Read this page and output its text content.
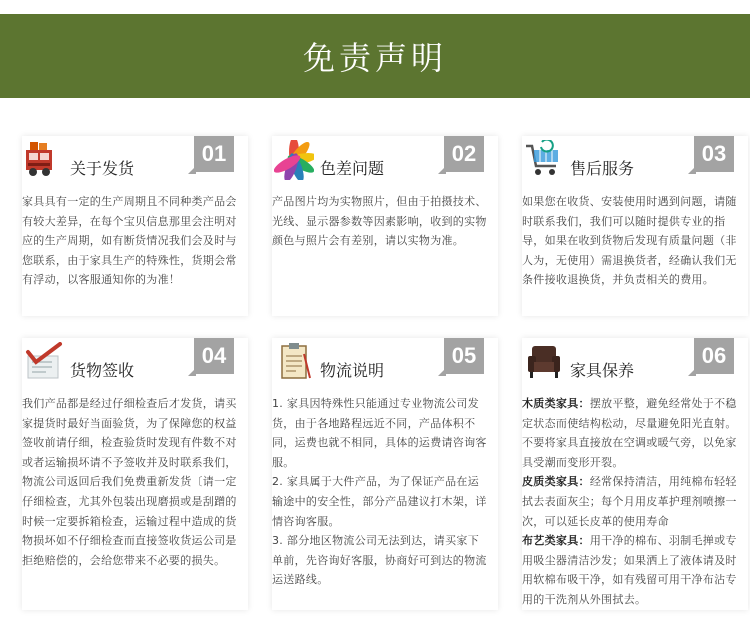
免责声明
关于发货
01

家具具有一定的生产周期且不同种类产品会有较大差异，在每个宝贝信息那里会注明对应的生产周期，如有断货情况我们会及时与您联系，由于家具生产的特殊性，货期会常有浮动，以客服通知你的为准！

色差问题
02

产品图片均为实物照片，但由于拍摄技术、光线、显示器参数等因素影响，收到的实物颜色与照片会有差别，请以实物为准。

售后服务
03

如果您在收货、安装使用时遇到问题，请随时联系我们，我们可以随时提供专业的指导，如果在收到货物后发现有质量问题（非人为，无使用）需退换货者，经确认我们无条件接收退换货，并负责相关的费用。

货物签收
04

我们产品都是经过仔细检查后才发货，请买家提货时最好当面验货，为了保障您的权益签收前请仔细，检查验货时发现有件数不对或者运输损坏请不予签收并及时联系我们，物流公司返回后我们免费重新发货〔请一定仔细检查，尤其外包装出现磨损或是刮蹭的时候一定要拆箱检查，运输过程中造成的货物损坏如不仔细检查而直接签收货运公司是拒绝赔偿的，会给您带来不必要的损失。

物流说明
05

1. 家具因特殊性只能通过专业物流公司发货，由于各地路程远近不同，产品体积不同，运费也就不相同，具体的运费请咨询客服。

2. 家具属于大件产品，为了保证产品在运输途中的安全性，部分产品建议打木架，详情咨询客服。

3. 部分地区物流公司无法到达，请买家下单前，先咨询好客服，协商好可到达的物流运送路线。

家具保养
06

木质类家具：摆放平整，避免经常处于不稳定状态而使结构松动，尽量避免阳光直射。不要将家具直接放在空调或暖气旁，以免家具受潮而变形开裂。

皮质类家具：经常保持清洁，用纯棉布轻轻拭去表面灰尘；每个月用皮革护理剂喷擦一次，可以延长皮革的使用寿命

布艺类家具：用干净的棉布、羽制毛掸或专用吸尘器清洁沙发；如果洒上了液体请及时用软棉布吸干净，如有残留可用干净布沾专用的干洗剂从外围拭去。
